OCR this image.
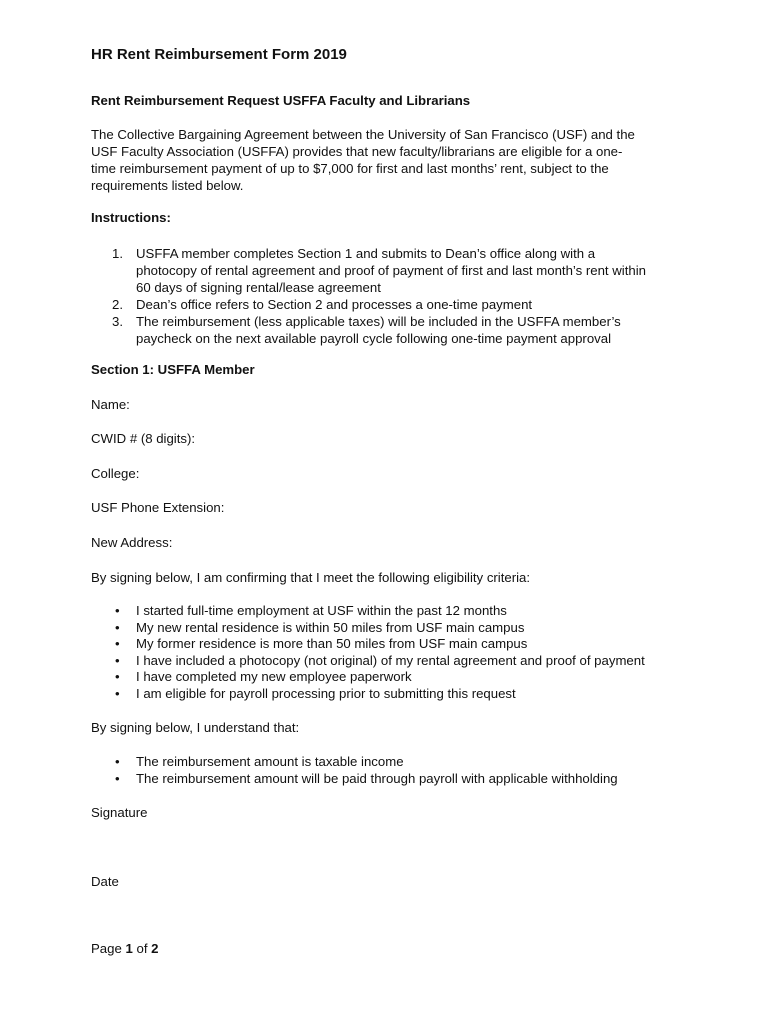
HR Rent Reimbursement Form 2019
Rent Reimbursement Request USFFA Faculty and Librarians
The Collective Bargaining Agreement between the University of San Francisco (USF) and the
USF Faculty Association (USFFA) provides that new faculty/librarians are eligible for a one-
time reimbursement payment of up to $7,000 for first and last months’ rent, subject to the
requirements listed below.
Instructions:
1. USFFA member completes Section 1 and submits to Dean’s office along with a
photocopy of rental agreement and proof of payment of first and last month’s rent within
60 days of signing rental/lease agreement
2. Dean’s office refers to Section 2 and processes a one-time payment
3. The reimbursement (less applicable taxes) will be included in the USFFA member’s
paycheck on the next available payroll cycle following one-time payment approval
Section 1: USFFA Member

Name:

CWID # (8 digits):

College:

USF Phone Extension:

New Address:

By signing below, I am confirming that I meet the following eligibility criteria:

• I started full-time employment at USF within the past 12 months
• My new rental residence is within 50 miles from USF main campus
• My former residence is more than 50 miles from USF main campus
• I have included a photocopy (not original) of my rental agreement and proof of payment
• I have completed my new employee paperwork
• I am eligible for payroll processing prior to submitting this request

By signing below, I understand that:

• The reimbursement amount is taxable income
• The reimbursement amount will be paid through payroll with applicable withholding

Signature

Date

Page 1 of 2
